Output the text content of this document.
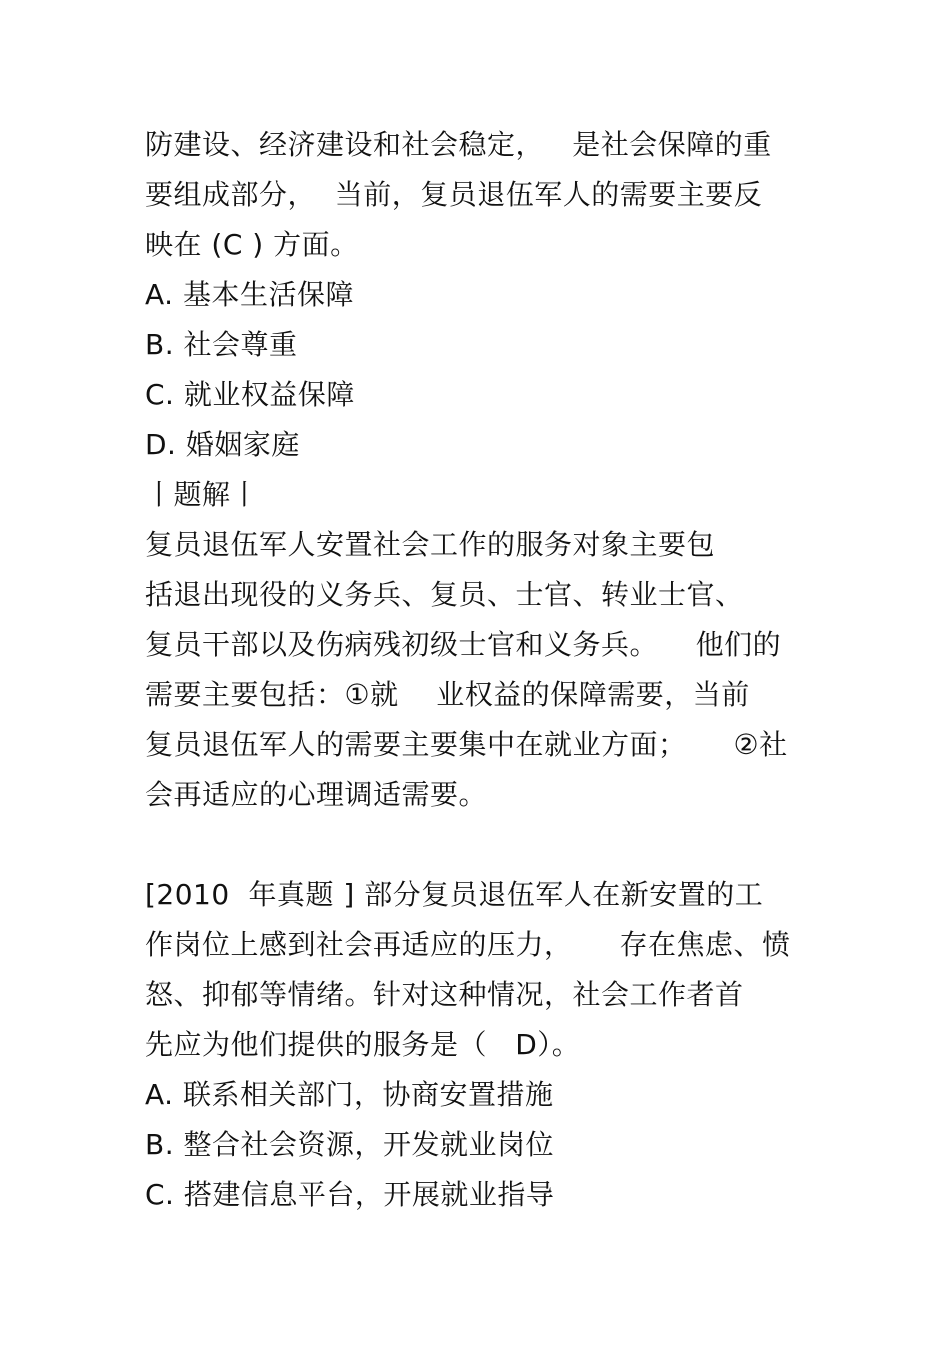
防建设、经济建设和社会稳定，   是社会保障的重
要组成部分，  当前，复员退伍军人的需要主要反
映在 (C ) 方面。
A. 基本生活保障
B. 社会尊重
C. 就业权益保障
D. 婚姻家庭
丨题解丨
复员退伍军人安置社会工作的服务对象主要包
括退出现役的义务兵、复员、士官、转业士官、
复员干部以及伤病残初级士官和义务兵。    他们的
需要主要包括：①就    业权益的保障需要，当前
复员退伍军人的需要主要集中在就业方面；     ②社
会再适应的心理调适需要。
[2010  年真题 ] 部分复员退伍军人在新安置的工
作岗位上感到社会再适应的压力，     存在焦虑、愤
怒、抑郁等情绪。针对这种情况，社会工作者首
先应为他们提供的服务是（   D）。
A. 联系相关部门，协商安置措施
B. 整合社会资源，开发就业岗位
C. 搭建信息平台，开展就业指导
